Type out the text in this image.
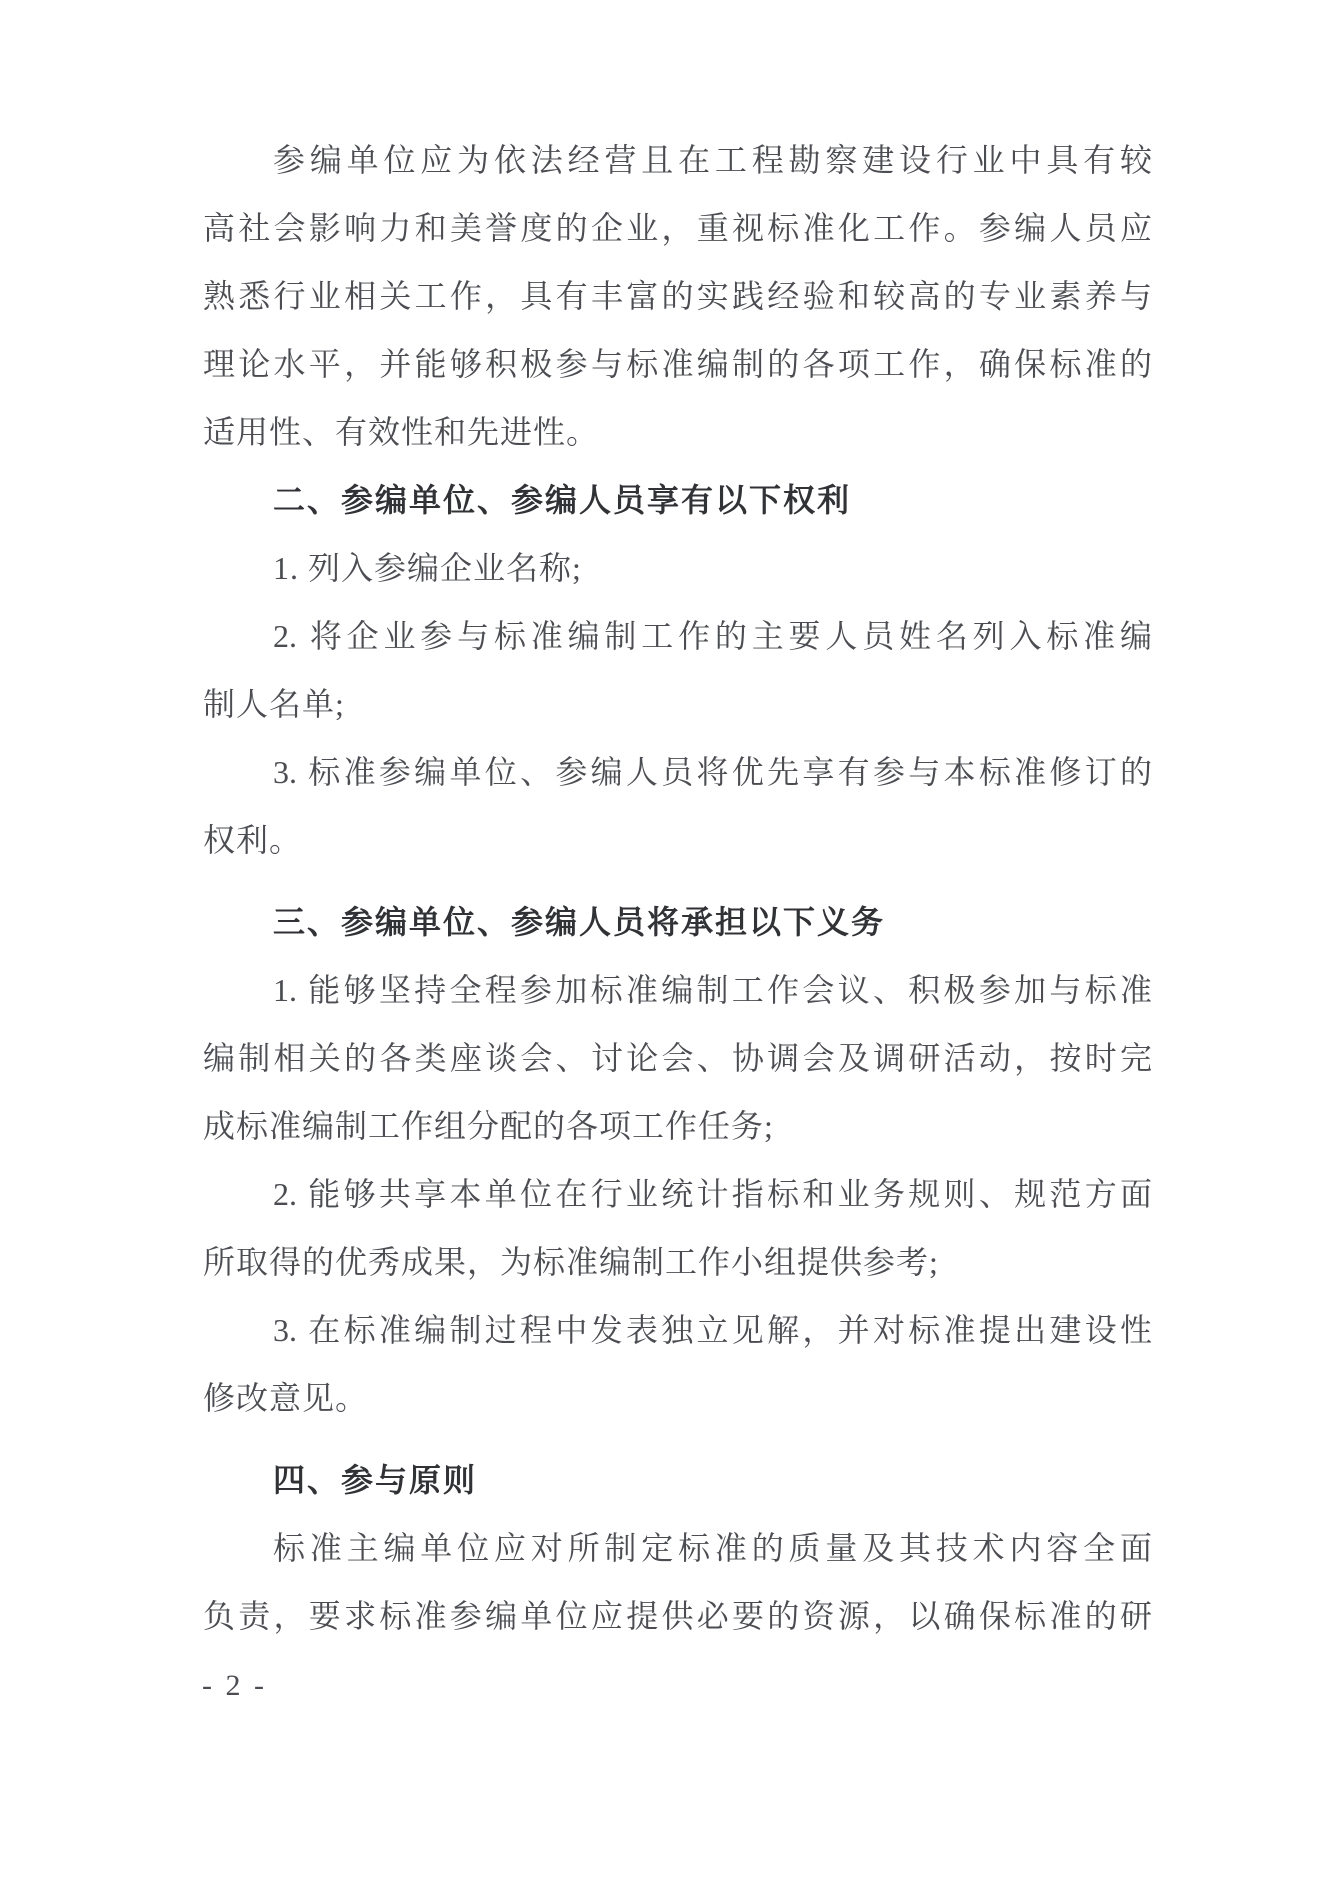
参编单位应为依法经营且在工程勘察建设行业中具有较
高社会影响力和美誉度的企业，重视标准化工作。参编人员应
熟悉行业相关工作，具有丰富的实践经验和较高的专业素养与
理论水平，并能够积极参与标准编制的各项工作，确保标准的
适用性、有效性和先进性。
二、参编单位、参编人员享有以下权利
1. 列入参编企业名称;
2. 将企业参与标准编制工作的主要人员姓名列入标准编
制人名单;
3. 标准参编单位、参编人员将优先享有参与本标准修订的
权利。
三、参编单位、参编人员将承担以下义务
1. 能够坚持全程参加标准编制工作会议、积极参加与标准
编制相关的各类座谈会、讨论会、协调会及调研活动，按时完
成标准编制工作组分配的各项工作任务;
2. 能够共享本单位在行业统计指标和业务规则、规范方面
所取得的优秀成果，为标准编制工作小组提供参考;
3. 在标准编制过程中发表独立见解，并对标准提出建设性
修改意见。
四、参与原则
标准主编单位应对所制定标准的质量及其技术内容全面
负责，要求标准参编单位应提供必要的资源，以确保标准的研
- 2 -
